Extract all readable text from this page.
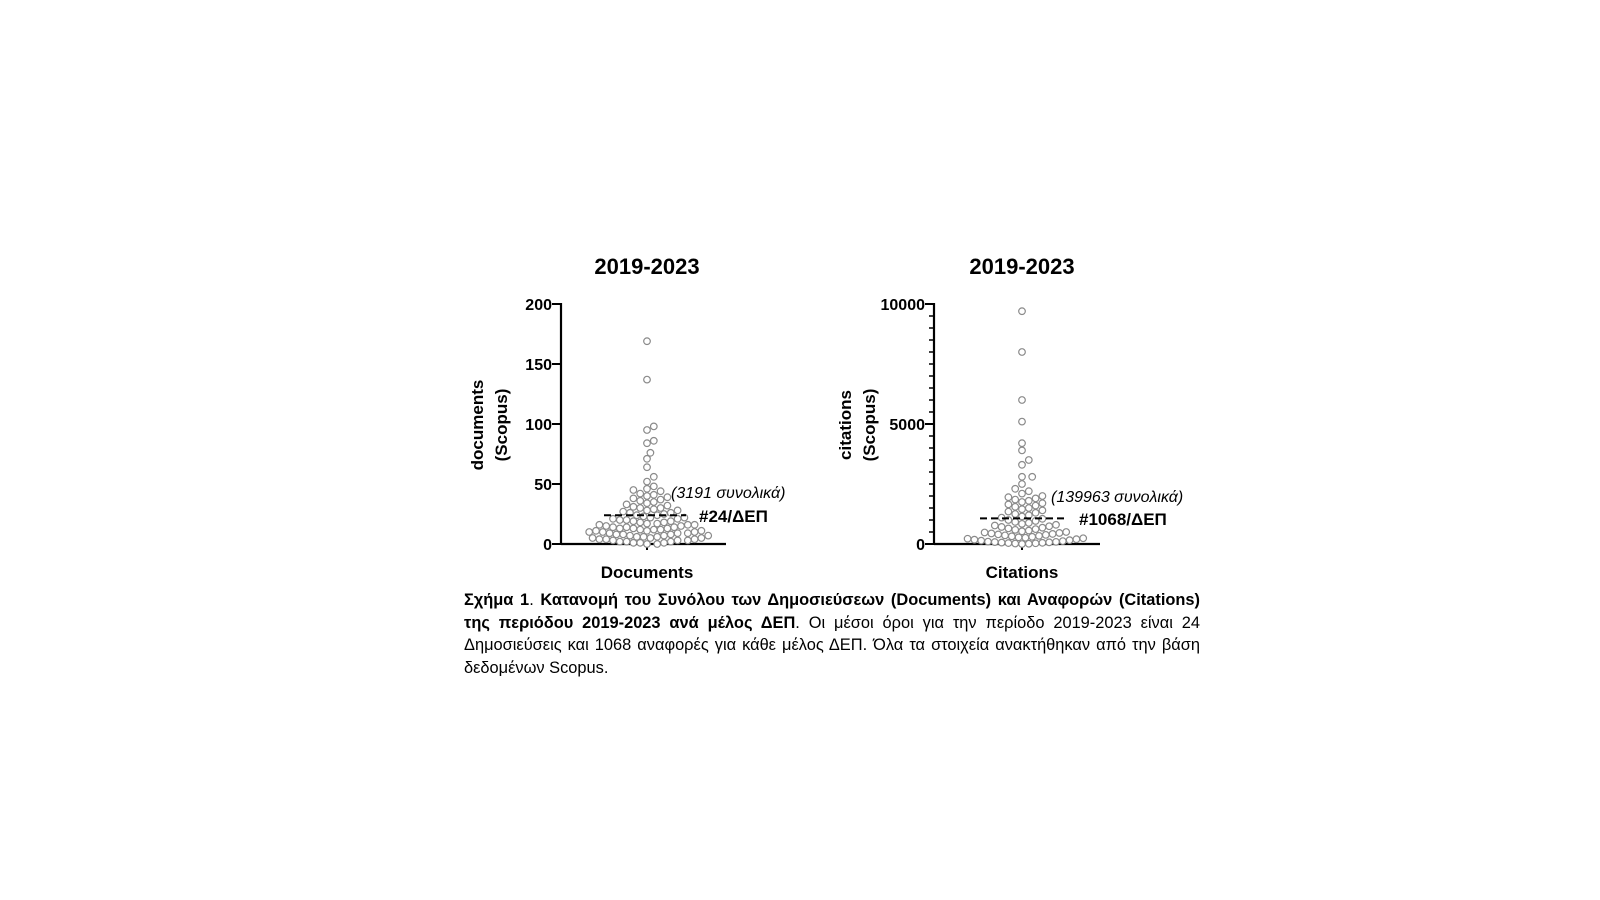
2019-2023
documents (Scopus)
Documents
(3191 συνολικά)
#24/ΔΕΠ
0
50
100
150
200
2019-2023
citations (Scopus)
Citations
(139963 συνολικά)
#1068/ΔΕΠ
0
5000
10000
Σχήμα 1. Κατανομή του Συνόλου των Δημοσιεύσεων (Documents) και Αναφορών (Citations) της περιόδου 2019-2023 ανά μέλος ΔΕΠ. Οι μέσοι όροι για την περίοδο 2019-2023 είναι 24 Δημοσιεύσεις και 1068 αναφορές για κάθε μέλος ΔΕΠ. Όλα τα στοιχεία ανακτήθηκαν από την βάση δεδομένων Scopus.
